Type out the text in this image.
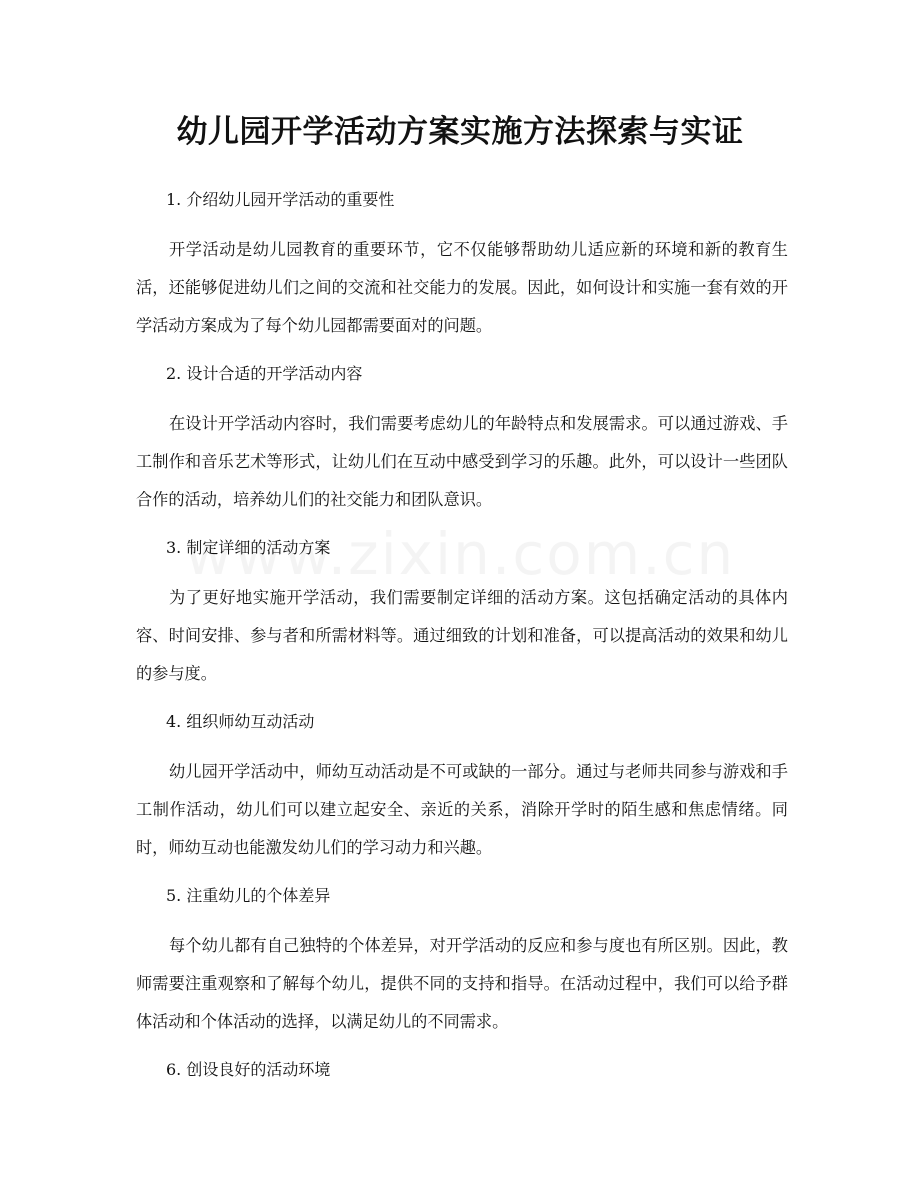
幼儿园开学活动方案实施方法探索与实证

1. 介绍幼儿园开学活动的重要性

开学活动是幼儿园教育的重要环节，它不仅能够帮助幼儿适应新的环境和新的教育生活，还能够促进幼儿们之间的交流和社交能力的发展。因此，如何设计和实施一套有效的开学活动方案成为了每个幼儿园都需要面对的问题。

2. 设计合适的开学活动内容

在设计开学活动内容时，我们需要考虑幼儿的年龄特点和发展需求。可以通过游戏、手工制作和音乐艺术等形式，让幼儿们在互动中感受到学习的乐趣。此外，可以设计一些团队合作的活动，培养幼儿们的社交能力和团队意识。

3. 制定详细的活动方案

为了更好地实施开学活动，我们需要制定详细的活动方案。这包括确定活动的具体内容、时间安排、参与者和所需材料等。通过细致的计划和准备，可以提高活动的效果和幼儿的参与度。

4. 组织师幼互动活动

幼儿园开学活动中，师幼互动活动是不可或缺的一部分。通过与老师共同参与游戏和手工制作活动，幼儿们可以建立起安全、亲近的关系，消除开学时的陌生感和焦虑情绪。同时，师幼互动也能激发幼儿们的学习动力和兴趣。

5. 注重幼儿的个体差异

每个幼儿都有自己独特的个体差异，对开学活动的反应和参与度也有所区别。因此，教师需要注重观察和了解每个幼儿，提供不同的支持和指导。在活动过程中，我们可以给予群体活动和个体活动的选择，以满足幼儿的不同需求。

6. 创设良好的活动环境
